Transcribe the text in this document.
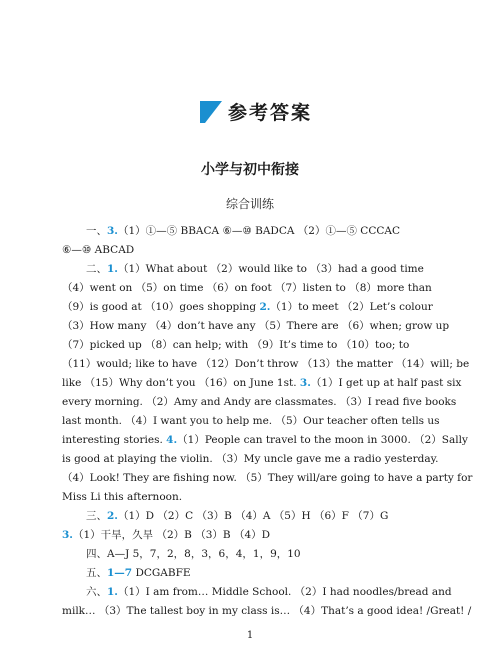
参考答案
小学与初中衔接
综合训练
一、3.（1）①—⑤ BBACA ⑥—⑩ BADCA （2）①—⑤ CCCAC
⑥—⑩ ABCAD
二、1.（1）What about （2）would like to （3）had a good time
（4）went on （5）on time （6）on foot （7）listen to （8）more than
（9）is good at （10）goes shopping 2.（1）to meet （2）Let’s colour
（3）How many （4）don’t have any （5）There are （6）when; grow up
（7）picked up （8）can help; with （9）It’s time to （10）too; to
（11）would; like to have （12）Don’t throw （13）the matter （14）will; be
like （15）Why don’t you （16）on June 1st. 3.（1）I get up at half past six
every morning. （2）Amy and Andy are classmates. （3）I read five books
last month. （4）I want you to help me. （5）Our teacher often tells us
interesting stories. 4.（1）People can travel to the moon in 3000. （2）Sally
is good at playing the violin. （3）My uncle gave me a radio yesterday.
（4）Look! They are fishing now. （5）They will/are going to have a party for
Miss Li this afternoon.
三、2.（1）D （2）C （3）B （4）A （5）H （6）F （7）G
3.（1）干旱，久旱 （2）B （3）B （4）D
四、A—J 5，7，2，8，3，6，4，1，9，10
五、1—7 DCGABFE
六、1.（1）I am from… Middle School. （2）I had noodles/bread and
milk… （3）The tallest boy in my class is… （4）That’s a good idea! /Great! /
1
